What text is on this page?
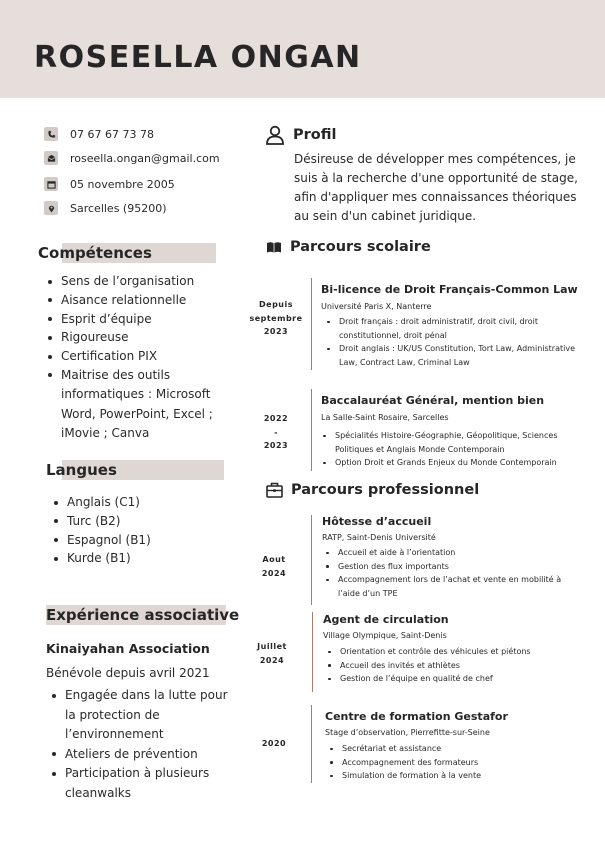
ROSEELLA ONGAN
07 67 67 73 78
roseella.ongan@gmail.com
05 novembre 2005
Sarcelles (95200)
Compétences
Sens de l’organisation
Aisance relationnelle
Esprit d’équipe
Rigoureuse
Certification PIX
Maitrise des outils informatiques : Microsoft Word, PowerPoint, Excel ; iMovie ; Canva
Langues
Anglais (C1)
Turc (B2)
Espagnol (B1)
Kurde (B1)
Expérience associative
Kinaiyahan Association
Bénévole depuis avril 2021
Engagée dans la lutte pour la protection de l’environnement
Ateliers de prévention
Participation à plusieurs cleanwalks
Profil
Désireuse de développer mes compétences, je suis à la recherche d'une opportunité de stage, afin d'appliquer mes connaissances théoriques au sein d'un cabinet juridique.
Parcours scolaire
Depuis
septembre
2023
Bi-licence de Droit Français-Common Law
Université Paris X, Nanterre
Droit français : droit administratif, droit civil, droit constitutionnel, droit pénal
Droit anglais : UK/US Constitution, Tort Law, Administrative Law, Contract Law, Criminal Law
2022
-
2023
Baccalauréat Général, mention bien
La Salle-Saint Rosaire, Sarcelles
Spécialités Histoire-Géographie, Géopolitique, Sciences Politiques et Anglais Monde Contemporain
Option Droit et Grands Enjeux du Monde Contemporain
Parcours professionnel
Aout
2024
Hôtesse d’accueil
RATP, Saint-Denis Université
Accueil et aide à l’orientation
Gestion des flux importants
Accompagnement lors de l’achat et vente en mobilité à l’aide d’un TPE
Juillet
2024
Agent de circulation
Village Olympique, Saint-Denis
Orientation et contrôle des véhicules et piétons
Accueil des invités et athlètes
Gestion de l’équipe en qualité de chef
2020
Centre de formation Gestafor
Stage d’observation, Pierrefitte-sur-Seine
Secrétariat et assistance
Accompagnement des formateurs
Simulation de formation à la vente
